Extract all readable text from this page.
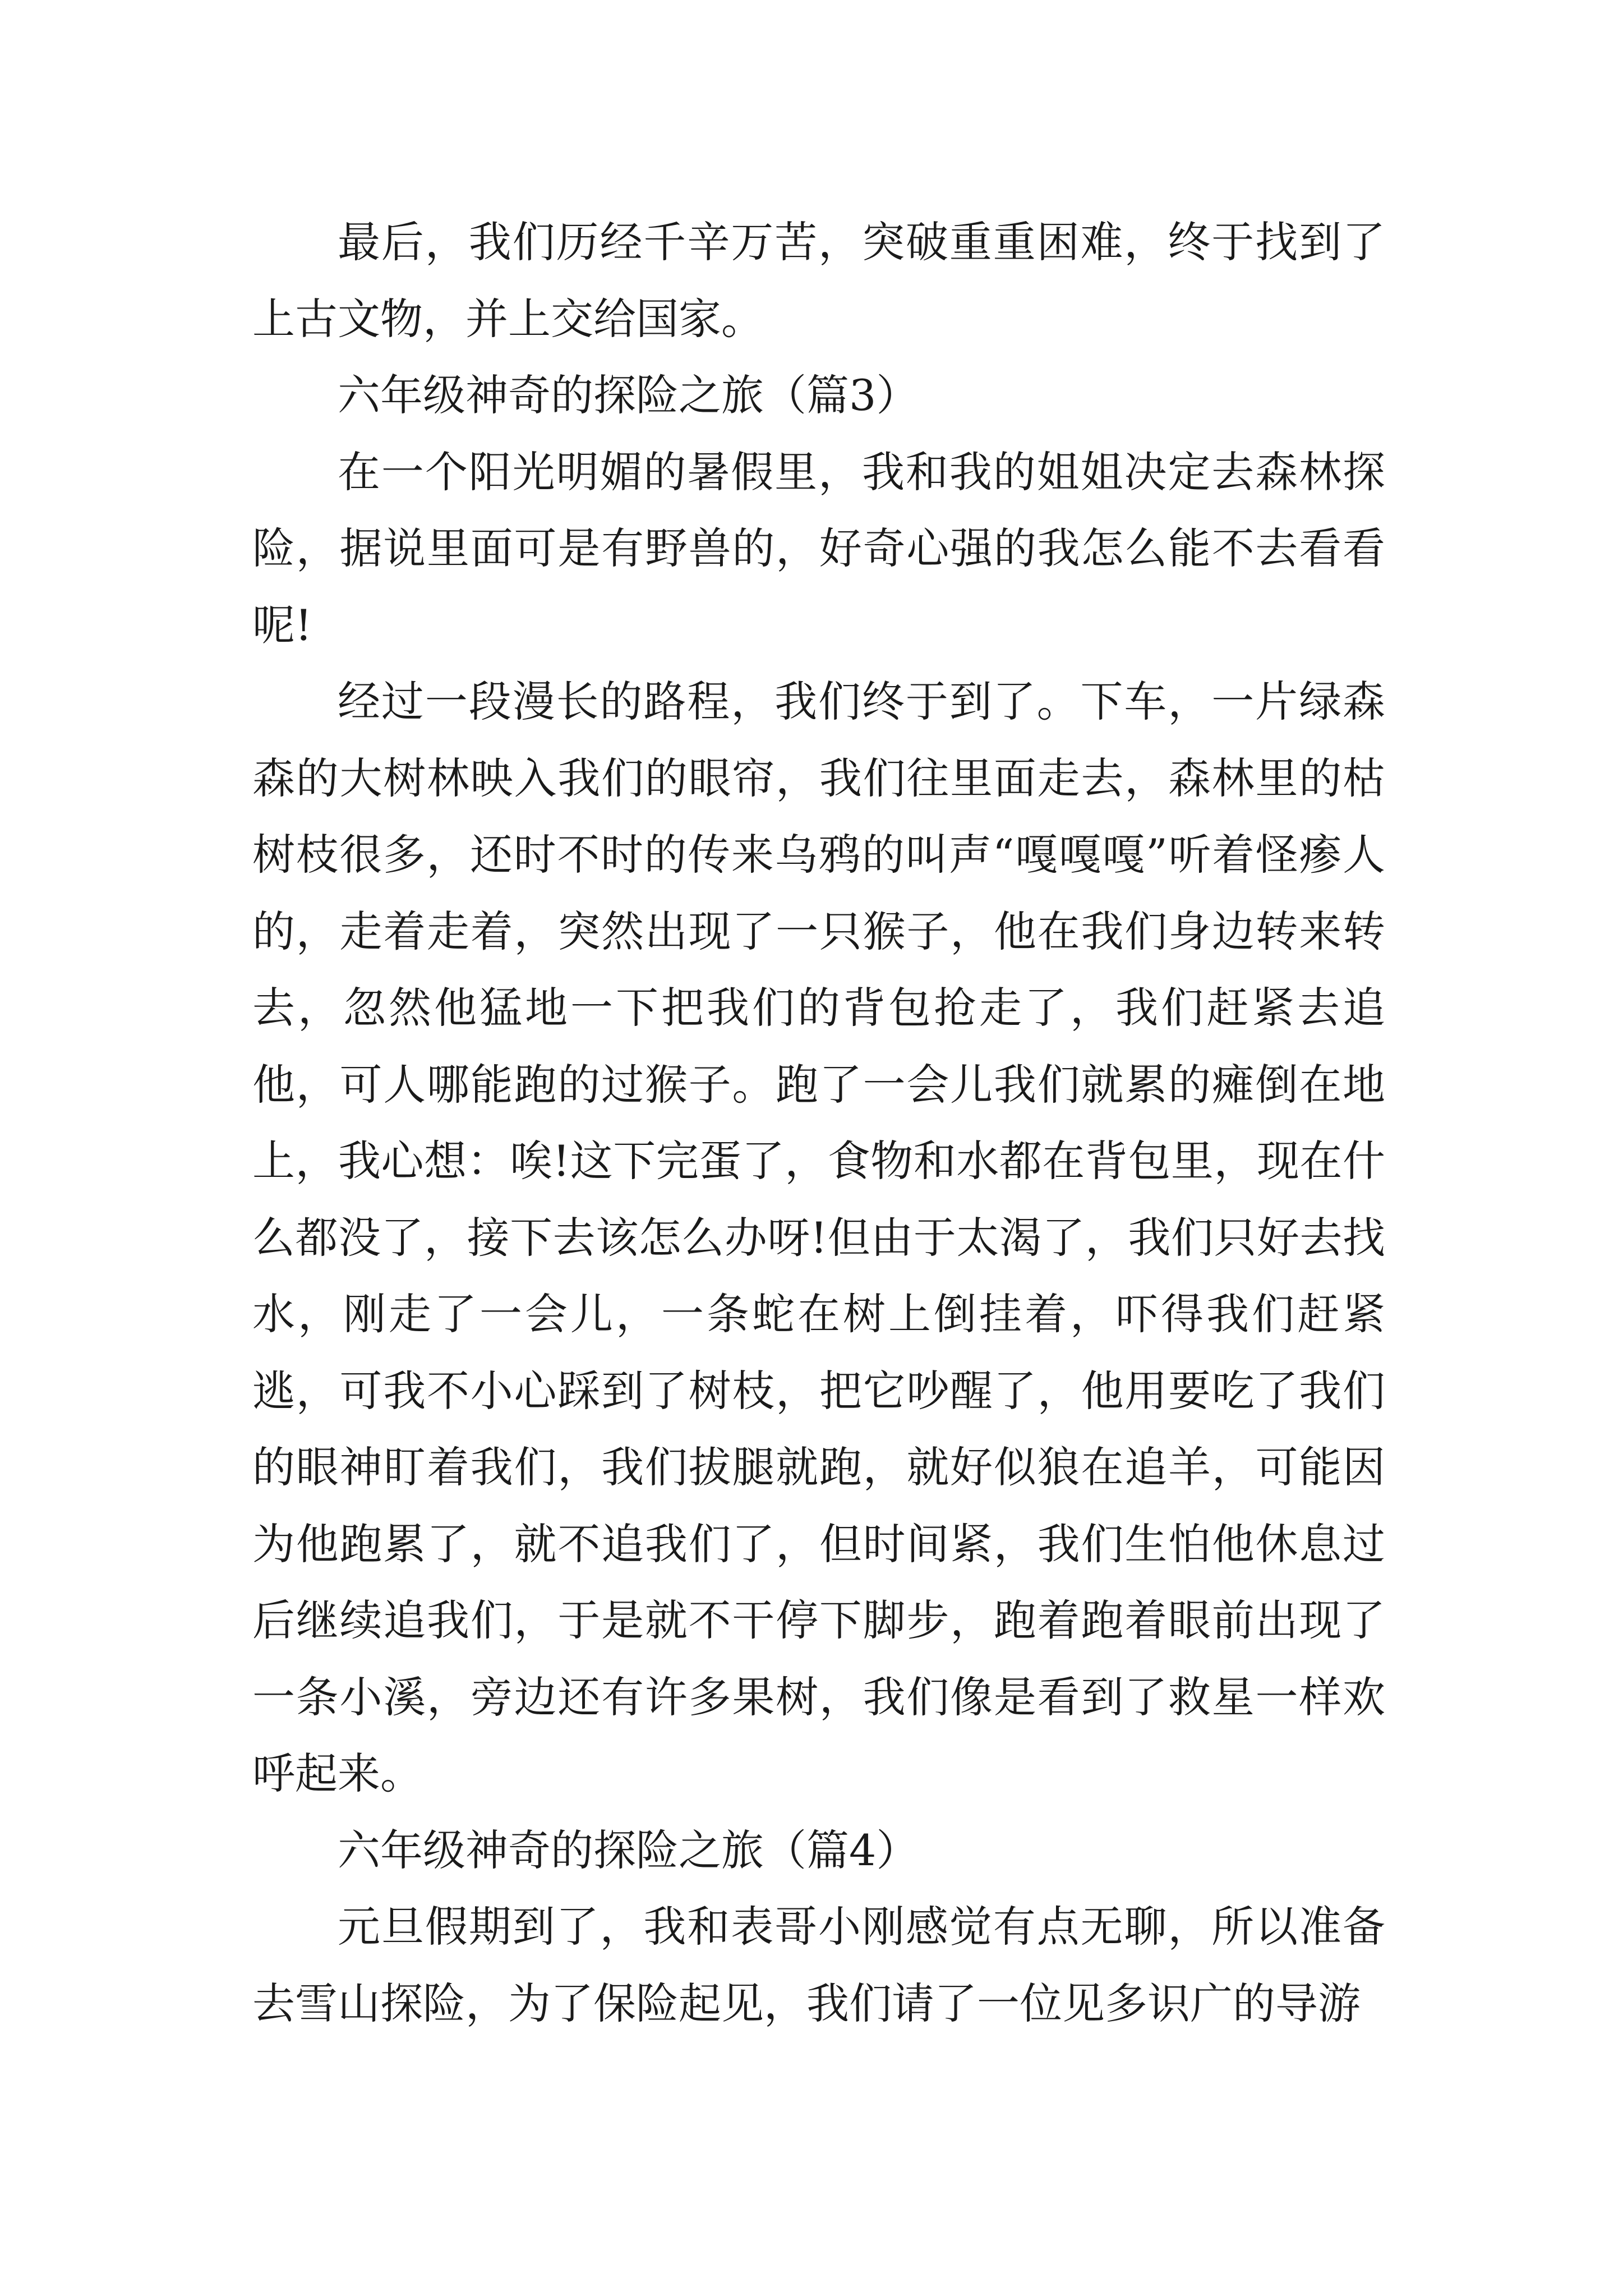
最后，我们历经千辛万苦，突破重重困难，终于找到了上古文物，并上交给国家。

六年级神奇的探险之旅（篇3）

在一个阳光明媚的暑假里，我和我的姐姐决定去森林探险，据说里面可是有野兽的，好奇心强的我怎么能不去看看呢!

经过一段漫长的路程，我们终于到了。下车，一片绿森森的大树林映入我们的眼帘，我们往里面走去，森林里的枯树枝很多，还时不时的传来乌鸦的叫声“嘎嘎嘎”听着怪瘆人的，走着走着，突然出现了一只猴子，他在我们身边转来转去，忽然他猛地一下把我们的背包抢走了，我们赶紧去追他，可人哪能跑的过猴子。跑了一会儿我们就累的瘫倒在地上，我心想：唉!这下完蛋了，食物和水都在背包里，现在什么都没了，接下去该怎么办呀!但由于太渴了，我们只好去找水，刚走了一会儿，一条蛇在树上倒挂着，吓得我们赶紧逃，可我不小心踩到了树枝，把它吵醒了，他用要吃了我们的眼神盯着我们，我们拔腿就跑，就好似狼在追羊，可能因为他跑累了，就不追我们了，但时间紧，我们生怕他休息过后继续追我们，于是就不干停下脚步，跑着跑着眼前出现了一条小溪，旁边还有许多果树，我们像是看到了救星一样欢呼起来。

六年级神奇的探险之旅（篇4）

元旦假期到了，我和表哥小刚感觉有点无聊，所以准备去雪山探险，为了保险起见，我们请了一位见多识广的导游
